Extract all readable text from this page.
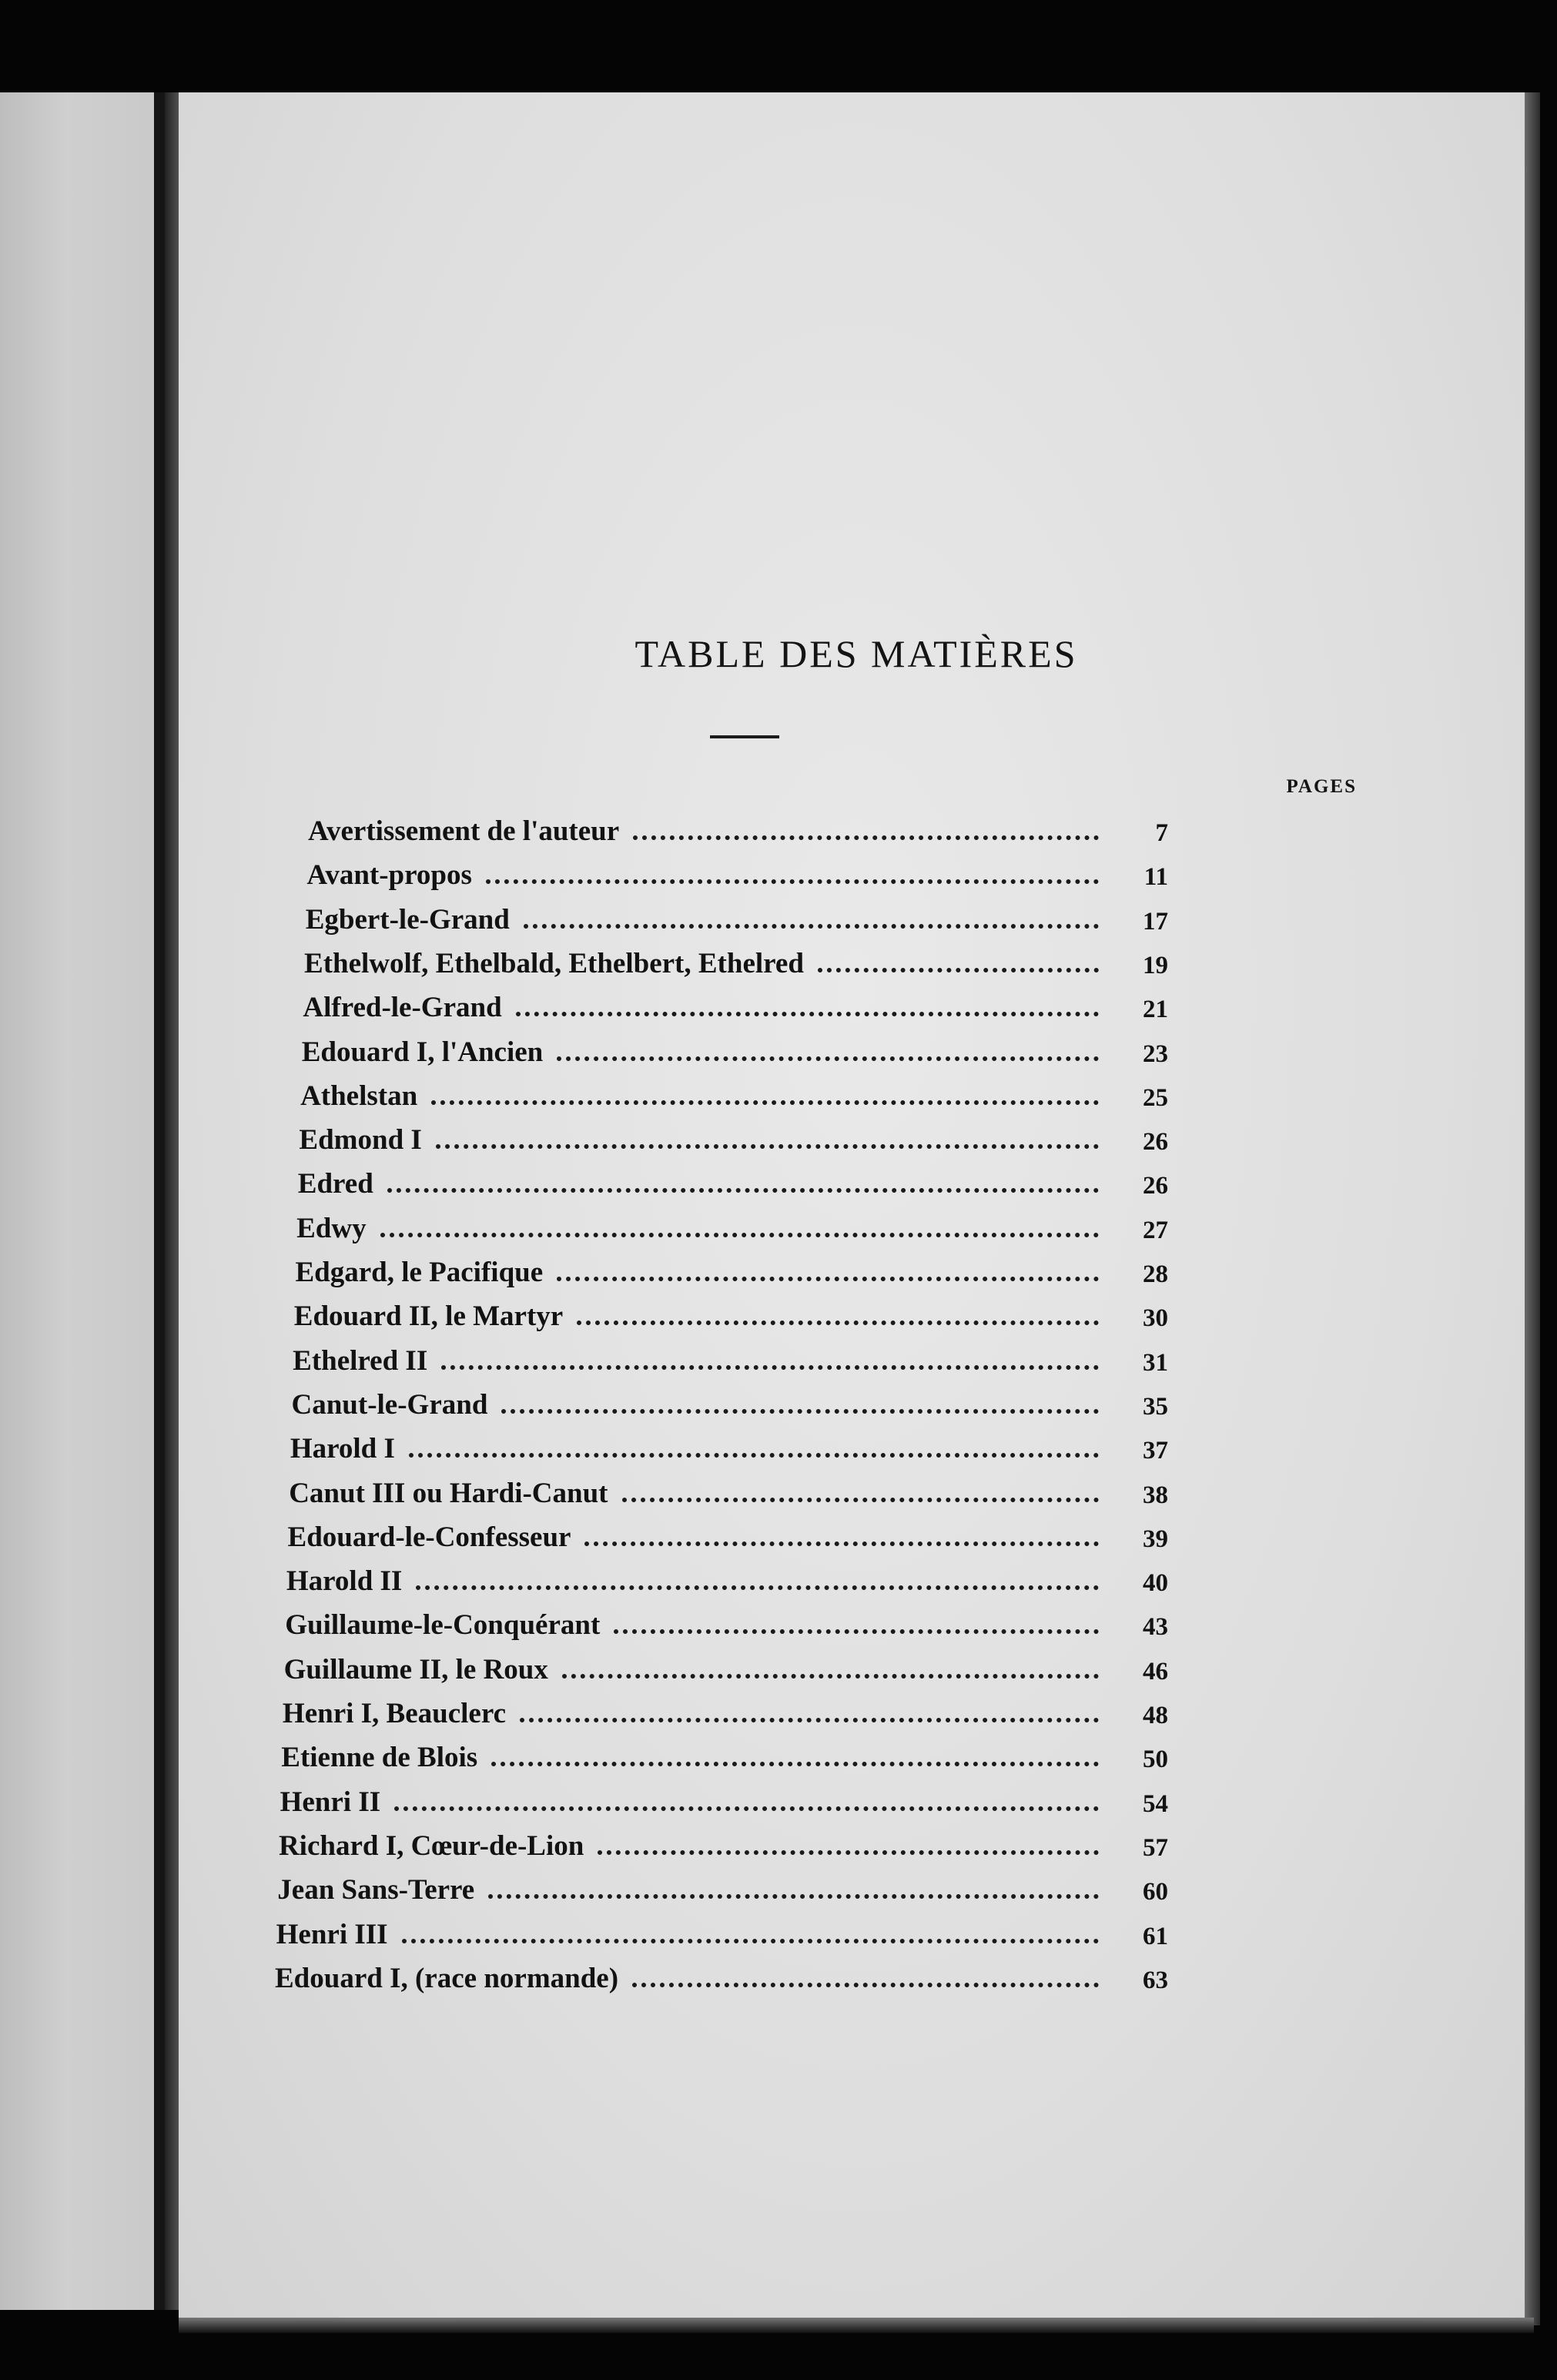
TABLE DES MATIÈRES
PAGES
Avertissement de l'auteur	7
Avant-propos	11
Egbert-le-Grand	17
Ethelwolf, Ethelbald, Ethelbert, Ethelred	19
Alfred-le-Grand	21
Edouard I, l'Ancien	23
Athelstan	25
Edmond I	26
Edred	26
Edwy	27
Edgard, le Pacifique	28
Edouard II, le Martyr	30
Ethelred II	31
Canut-le-Grand	35
Harold I	37
Canut III ou Hardi-Canut	38
Edouard-le-Confesseur	39
Harold II	40
Guillaume-le-Conquérant	43
Guillaume II, le Roux	46
Henri I, Beauclerc	48
Etienne de Blois	50
Henri II	54
Richard I, Cœur-de-Lion	57
Jean Sans-Terre	60
Henri III	61
Edouard I, (race normande)	63
